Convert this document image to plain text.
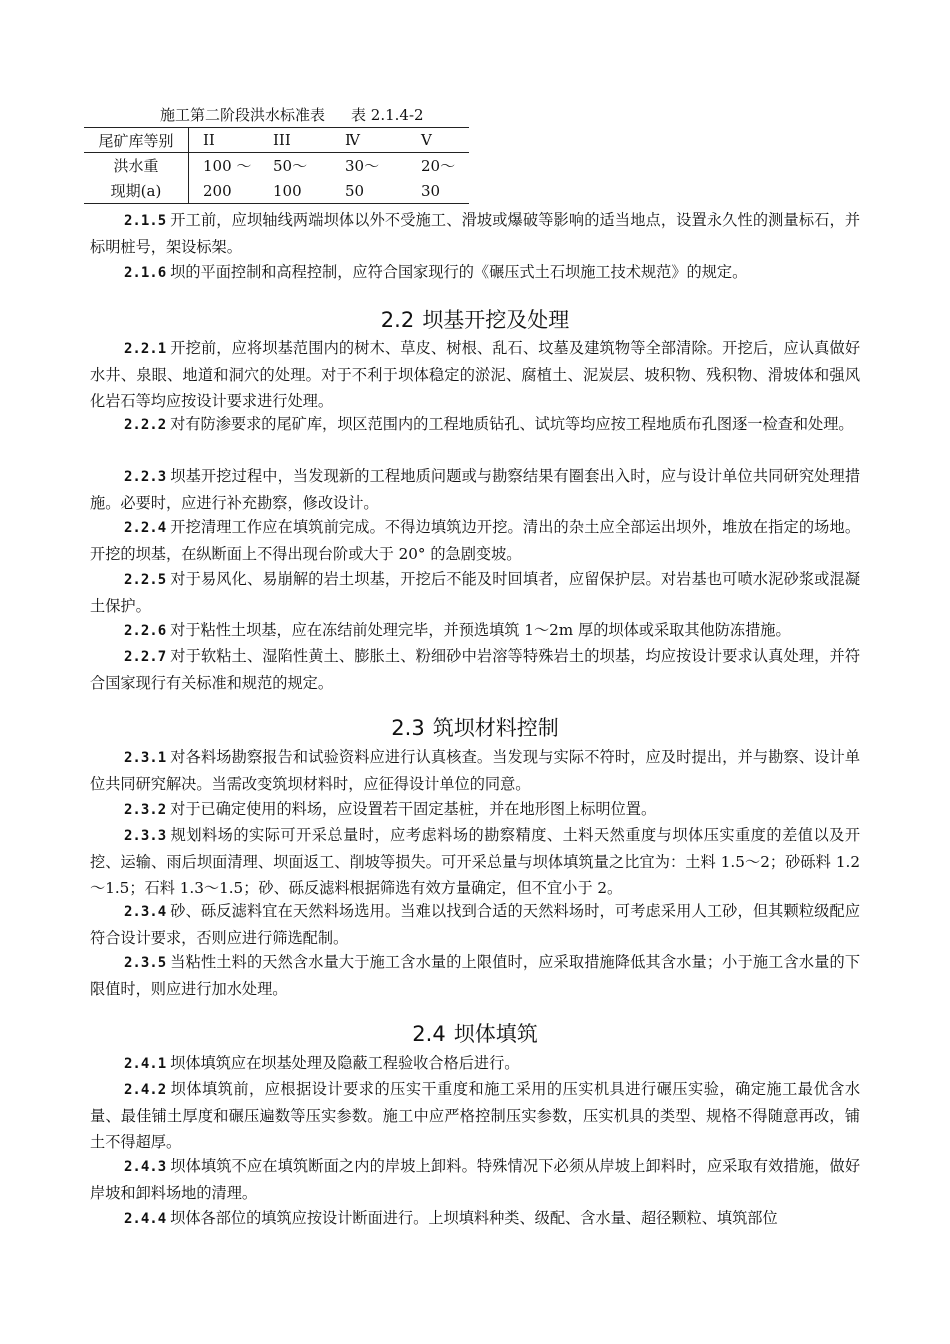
施工第二阶段洪水标准表 表 2.1.4-2
尾矿库等别	II	III	Ⅳ	V
洪水重	100 ～	50～	30～	20～
现期(a)	200	100	50	30
2.1.5 开工前，应坝轴线两端坝体以外不受施工、滑坡或爆破等影响的适当地点，设置永久性的测量标石，并标明桩号，架设标架。
2.1.6 坝的平面控制和高程控制，应符合国家现行的《碾压式土石坝施工技术规范》的规定。
2.2 坝基开挖及处理
2.2.1 开挖前，应将坝基范围内的树木、草皮、树根、乱石、坟墓及建筑物等全部清除。开挖后，应认真做好水井、泉眼、地道和洞穴的处理。对于不利于坝体稳定的淤泥、腐植土、泥炭层、坡积物、残积物、滑坡体和强风化岩石等均应按设计要求进行处理。
2.2.2 对有防渗要求的尾矿库，坝区范围内的工程地质钻孔、试坑等均应按工程地质布孔图逐一检查和处理。
2.2.3 坝基开挖过程中，当发现新的工程地质问题或与勘察结果有圈套出入时，应与设计单位共同研究处理措施。必要时，应进行补充勘察，修改设计。
2.2.4 开挖清理工作应在填筑前完成。不得边填筑边开挖。清出的杂土应全部运出坝外，堆放在指定的场地。开挖的坝基，在纵断面上不得出现台阶或大于 20° 的急剧变坡。
2.2.5 对于易风化、易崩解的岩土坝基，开挖后不能及时回填者，应留保护层。对岩基也可喷水泥砂浆或混凝土保护。
2.2.6 对于粘性土坝基，应在冻结前处理完毕，并预选填筑 1～2m 厚的坝体或采取其他防冻措施。
2.2.7 对于软粘土、湿陷性黄土、膨胀土、粉细砂中岩溶等特殊岩土的坝基，均应按设计要求认真处理，并符合国家现行有关标准和规范的规定。
2.3 筑坝材料控制
2.3.1 对各料场勘察报告和试验资料应进行认真核查。当发现与实际不符时，应及时提出，并与勘察、设计单位共同研究解决。当需改变筑坝材料时，应征得设计单位的同意。
2.3.2 对于已确定使用的料场，应设置若干固定基桩，并在地形图上标明位置。
2.3.3 规划料场的实际可开采总量时，应考虑料场的勘察精度、土料天然重度与坝体压实重度的差值以及开挖、运输、雨后坝面清理、坝面返工、削坡等损失。可开采总量与坝体填筑量之比宜为：土料 1.5～2；砂砾料 1.2～1.5；石料 1.3～1.5；砂、砾反滤料根据筛选有效方量确定，但不宜小于 2。
2.3.4 砂、砾反滤料宜在天然料场选用。当难以找到合适的天然料场时，可考虑采用人工砂，但其颗粒级配应符合设计要求，否则应进行筛选配制。
2.3.5 当粘性土料的天然含水量大于施工含水量的上限值时，应采取措施降低其含水量；小于施工含水量的下限值时，则应进行加水处理。
2.4 坝体填筑
2.4.1 坝体填筑应在坝基处理及隐蔽工程验收合格后进行。
2.4.2 坝体填筑前，应根据设计要求的压实干重度和施工采用的压实机具进行碾压实验，确定施工最优含水量、最佳铺土厚度和碾压遍数等压实参数。施工中应严格控制压实参数，压实机具的类型、规格不得随意再改，铺土不得超厚。
2.4.3 坝体填筑不应在填筑断面之内的岸坡上卸料。特殊情况下必须从岸坡上卸料时，应采取有效措施，做好岸坡和卸料场地的清理。
2.4.4 坝体各部位的填筑应按设计断面进行。上坝填料种类、级配、含水量、超径颗粒、填筑部位
